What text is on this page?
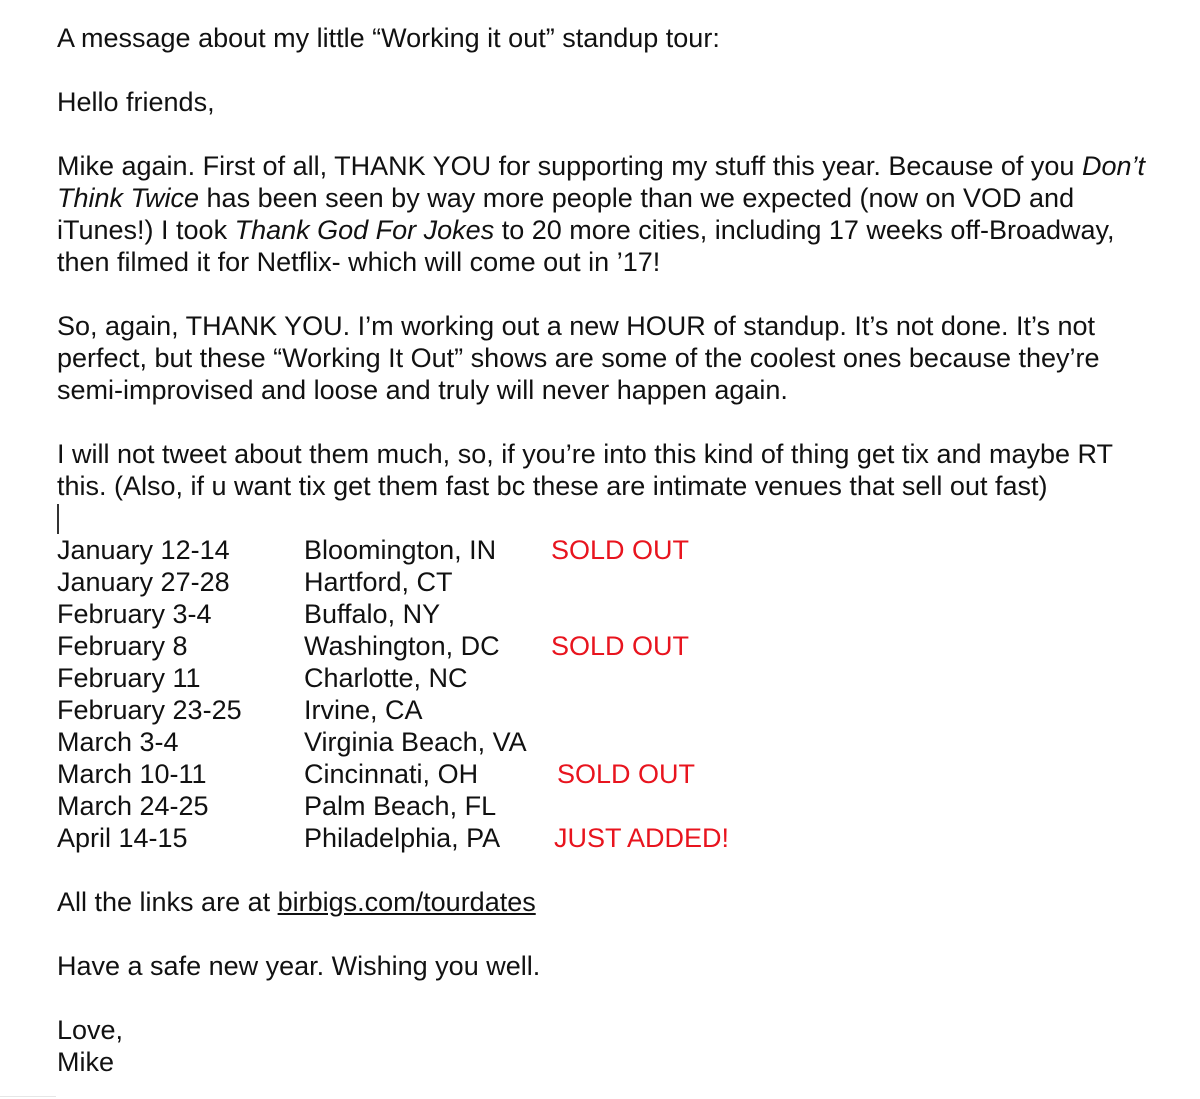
A message about my little “Working it out” standup tour:

Hello friends,

Mike again. First of all, THANK YOU for supporting my stuff this year. Because of you Don’t Think Twice has been seen by way more people than we expected (now on VOD and iTunes!) I took Thank God For Jokes to 20 more cities, including 17 weeks off-Broadway, then filmed it for Netflix- which will come out in ’17!

So, again, THANK YOU. I’m working out a new HOUR of standup. It’s not done. It’s not perfect, but these “Working It Out” shows are some of the coolest ones because they’re semi-improvised and loose and truly will never happen again.

I will not tweet about them much, so, if you’re into this kind of thing get tix and maybe RT this. (Also, if u want tix get them fast bc these are intimate venues that sell out fast)

January 12-14	Bloomington, IN SOLD OUT
January 27-28	Hartford, CT
February 3-4	Buffalo, NY
February 8	Washington, DC SOLD OUT
February 11	Charlotte, NC
February 23-25 Irvine, CA
March 3-4	Virginia Beach, VA
March 10-11	Cincinnati, OH	SOLD OUT
March 24-25	Palm Beach, FL
April 14-15	Philadelphia, PA JUST ADDED!

All the links are at birbigs.com/tourdates

Have a safe new year. Wishing you well.

Love,
Mike
